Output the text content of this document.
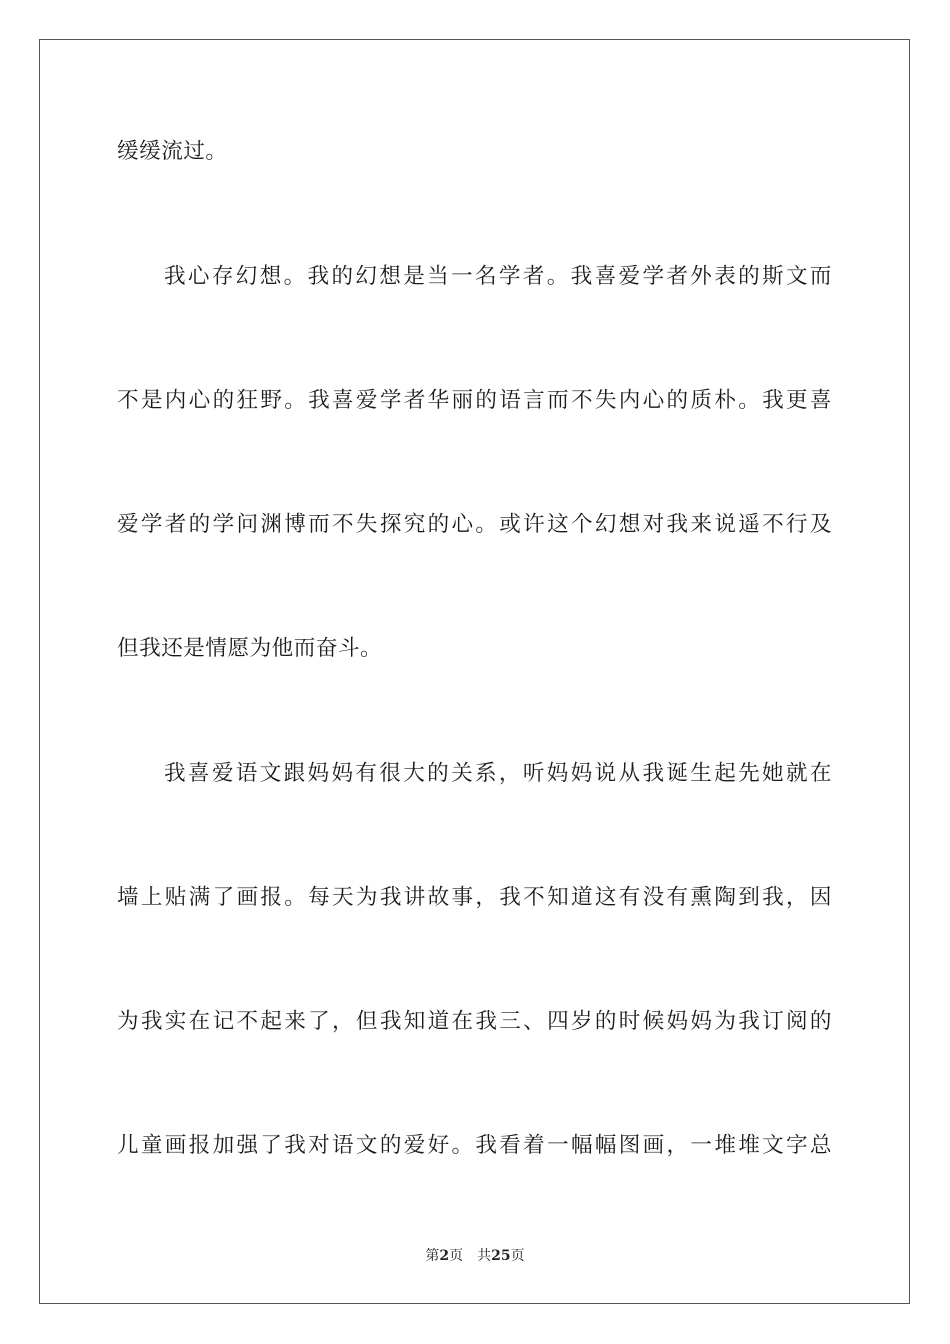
缓缓流过。
我心存幻想。我的幻想是当一名学者。我喜爱学者外表的斯文而
不是内心的狂野。我喜爱学者华丽的语言而不失内心的质朴。我更喜
爱学者的学问渊博而不失探究的心。或许这个幻想对我来说遥不行及
但我还是情愿为他而奋斗。
我喜爱语文跟妈妈有很大的关系，听妈妈说从我诞生起先她就在
墙上贴满了画报。每天为我讲故事，我不知道这有没有熏陶到我，因
为我实在记不起来了，但我知道在我三、四岁的时候妈妈为我订阅的
儿童画报加强了我对语文的爱好。我看着一幅幅图画，一堆堆文字总
第2页 共25页
